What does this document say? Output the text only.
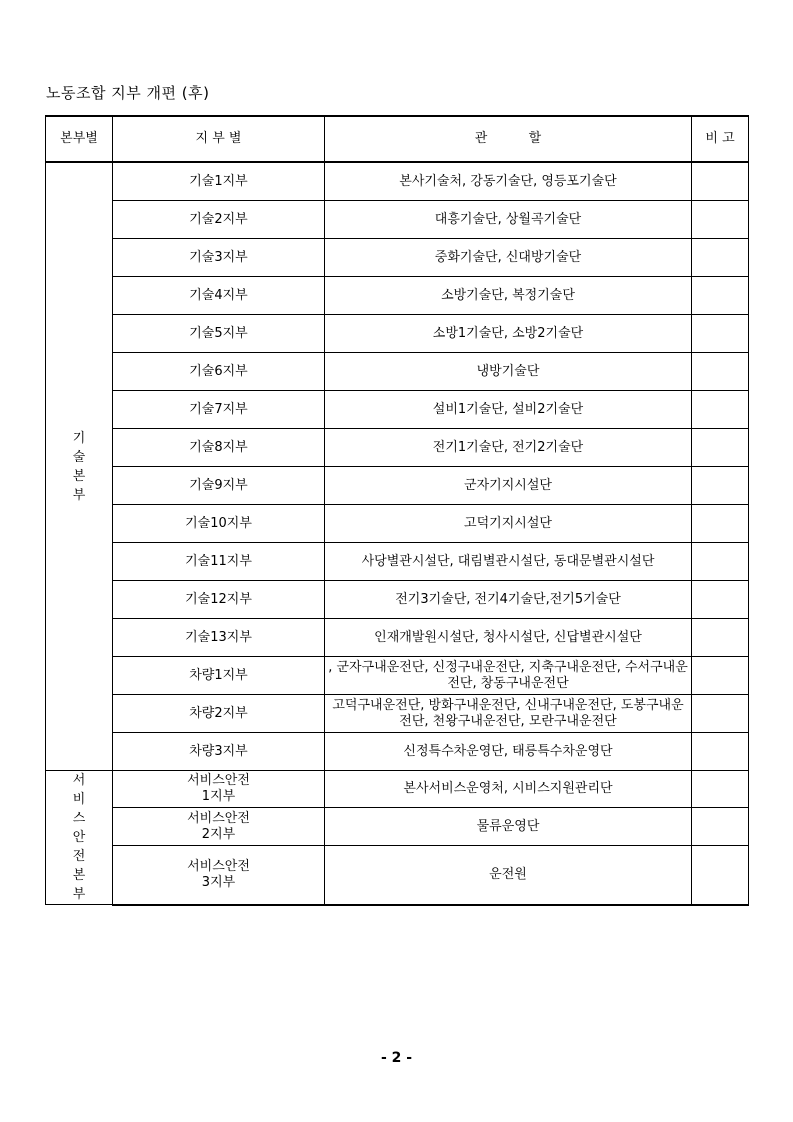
노동조합 지부 개편 (후)
본부별	지 부 별	관          할	비 고

기술본부	기술1지부	본사기술처, 강동기술단, 영등포기술단	
	기술2지부	대흥기술단, 상월곡기술단	
	기술3지부	중화기술단, 신대방기술단	
	기술4지부	소방기술단, 복정기술단	
	기술5지부	소방1기술단, 소방2기술단	
	기술6지부	냉방기술단	
	기술7지부	설비1기술단, 설비2기술단	
	기술8지부	전기1기술단, 전기2기술단	
	기술9지부	군자기지시설단	
	기술10지부	고덕기지시설단	
	기술11지부	사당별관시설단, 대림별관시설단, 동대문별관시설단	
	기술12지부	전기3기술단, 전기4기술단,전기5기술단	
	기술13지부	인재개발원시설단, 청사시설단, 신답별관시설단	
	차량1지부	, 군자구내운전단, 신정구내운전단, 지축구내운전단, 수서구내운전단, 창동구내운전단	
	차량2지부	고덕구내운전단, 방화구내운전단, 신내구내운전단, 도봉구내운전단, 천왕구내운전단, 모란구내운전단	
	차량3지부	신정특수차운영단, 태릉특수차운영단	

서비스안전본부	서비스안전
1지부	본사서비스운영처, 시비스지원관리단	
	서비스안전
2지부	물류운영단	
	서비스안전
3지부	운전원	
- 2 -
